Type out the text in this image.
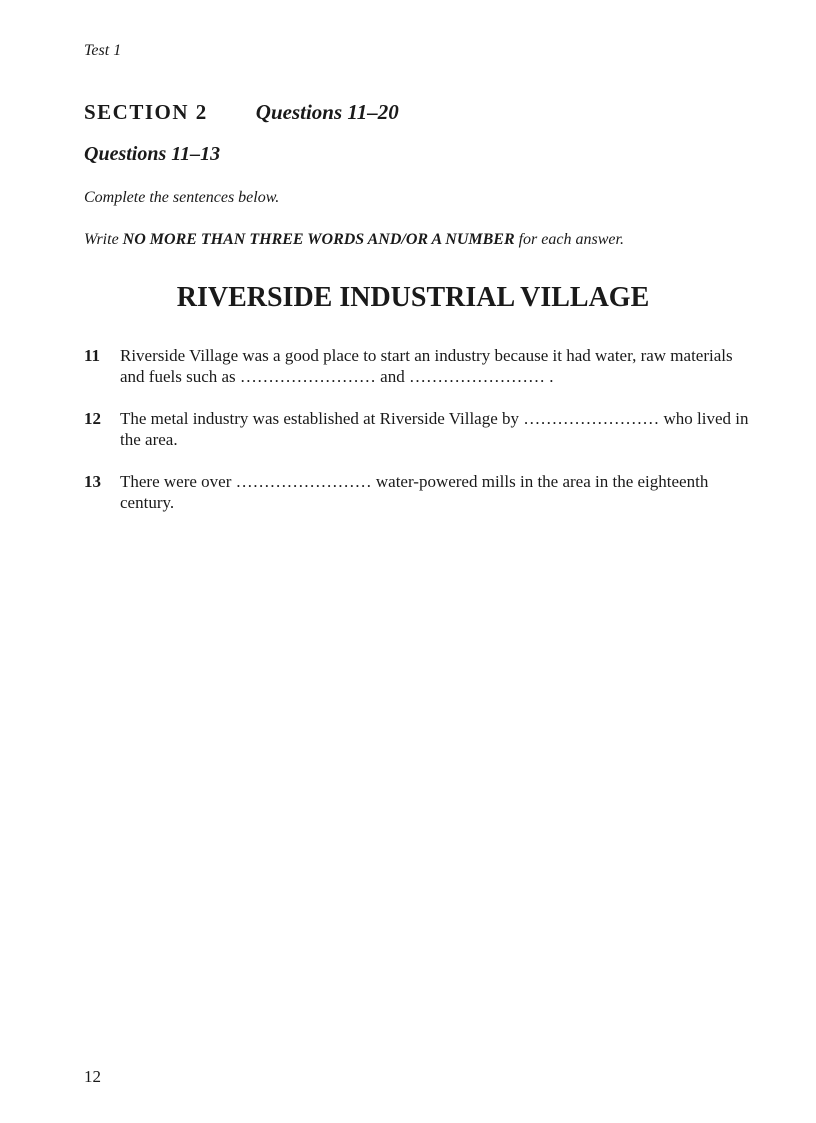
Test 1
SECTION 2 Questions 11–20
Questions 11–13
Complete the sentences below.
Write NO MORE THAN THREE WORDS AND/OR A NUMBER for each answer.
RIVERSIDE INDUSTRIAL VILLAGE
11 Riverside Village was a good place to start an industry because it had water, raw materials and fuels such as …………………… and …………………… .
12 The metal industry was established at Riverside Village by …………………… who lived in the area.
13 There were over …………………… water-powered mills in the area in the eighteenth century.
12
